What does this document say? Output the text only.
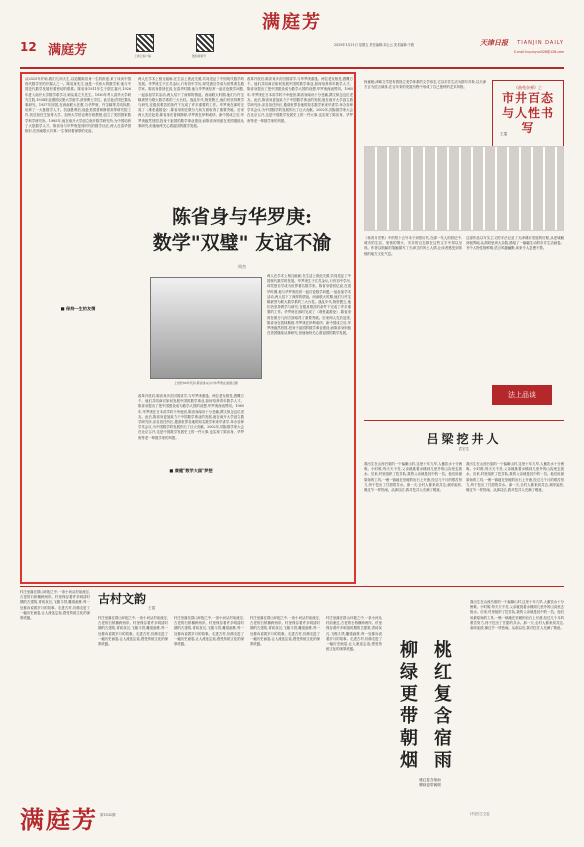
满庭芳
12 满庭芳	上津云客户端	微信视频号
2025年3月21日 星期五 责任编辑:刘云云 美术编辑:于砚	天津日报 TIANJIN DAILY
E-mail:liuyunyun028@126.com
从2025年开始,我们几何大生,以追随陈省身一生的踪迹,来了谈谈中国现代数学史的开端人之一。陈省身先生,他是一代伟大的数学家,他与中国近代数学发展有着密切的联系。陈省身1911年生于浙江嘉兴,1926年进入南开大学数学系学习,师从姜立夫先生。1930年考入清华大学研究生院,1934年赴德国汉堡大学留学,获得博士学位。此后赴法国巴黎从事研究。1937年回国,在西南联大任教,与华罗庚、许宝騄等共同执教,培养了一大批数学人才。抗战胜利后,他赴美国普林斯顿高等研究院工作,其后担任芝加哥大学、加州大学伯克利分校教授,创立了美国国家数学科学研究所。1985年,他在南开大学创立南开数学研究所,为中国培养了大批数学人才。陈省身与华罗庚是同时代的数学巨匠,两人在清华园相识,在西南联大共事,一生保持着深厚的友谊。
两人在学术上相互砥砺,在生活上彼此关照,共同见证了中国现代数学的发展。华罗庚生于江苏金坛,只有初中学历,却凭借自学成为世界著名数学家。陈省身曾回忆说,在清华时期,他与华罗庚经常一起讨论数学问题,一起参加学术活动,两人结下了深厚的情谊。西南联大时期,他们与许宝騄被誉为联大数学系的三大台柱。战乱年代,物资匮乏,他们仍坚持教学与研究,在极其艰苦的条件下完成了许多重要的工作。华罗庚在那时完成了《堆垒素数论》,陈省身则在微分几何方面取得了重要突破。后来两人先后赴美,陈省身在普林斯顿,华罗庚在伊利诺伊。新中国成立后,华罗庚毅然回国,投身于祖国的数学事业建设,而陈省身则留在美国继续从事研究,但他始终关心着祖国的数学发展。
改革开放后,陈省身多次回国讲学,与华罗庚重逢。两位老友相见,感慨万千。他们共同商讨如何发展中国的数学事业,如何培养青年数学人才。陈省身提出了把中国建设成为数学大国的设想,华罗庚深表赞同。1985年,华罗庚在日本讲学时不幸逝世,陈省身闻讯十分悲痛,撰文悼念这位老友。此后,陈省身更加致力于中国数学事业的发展,他在南开大学创立数学研究所,亲自担任所长,邀请世界各地的知名数学家来华讲学,举办各种学术会议,为中国数学的发展作出了巨大贡献。2002年,国际数学家大会在北京召开,这是中国数学发展史上的一件大事,也实现了陈省身、华罗庚等老一辈数学家的夙愿。
陈省身与华罗庚:
数学"双璧" 友谊不渝
周杰
上世纪80年代初,陈省身(右)与华罗庚在美国合影
两人在学术上相互砥砺,在生活上彼此关照,共同见证了中国现代数学的发展。华罗庚生于江苏金坛,只有初中学历,却凭借自学成为世界著名数学家。陈省身曾回忆说,在清华时期,他与华罗庚经常一起讨论数学问题,一起参加学术活动,两人结下了深厚的情谊。西南联大时期,他们与许宝騄被誉为联大数学系的三大台柱。战乱年代,物资匮乏,他们仍坚持教学与研究,在极其艰苦的条件下完成了许多重要的工作。华罗庚在那时完成了《堆垒素数论》,陈省身则在微分几何方面取得了重要突破。后来两人先后赴美,陈省身在普林斯顿,华罗庚在伊利诺伊。新中国成立后,华罗庚毅然回国,投身于祖国的数学事业建设,而陈省身则留在美国继续从事研究,但他始终关心着祖国的数学发展。
改革开放后,陈省身多次回国讲学,与华罗庚重逢。两位老友相见,感慨万千。他们共同商讨如何发展中国的数学事业,如何培养青年数学人才。陈省身提出了把中国建设成为数学大国的设想,华罗庚深表赞同。1985年,华罗庚在日本讲学时不幸逝世,陈省身闻讯十分悲痛,撰文悼念这位老友。此后,陈省身更加致力于中国数学事业的发展,他在南开大学创立数学研究所,亲自担任所长,邀请世界各地的知名数学家来华讲学,举办各种学术会议,为中国数学的发展作出了巨大贡献。2002年,国际数学家大会在北京召开,这是中国数学发展史上的一件大事,也实现了陈省身、华罗庚等老一辈数学家的夙愿。
■ 保持一生的友情
■ 康健"数学大国"梦想
杨童棱:津味文学是有着独立美学体系的文学形态,它以市井生活为描写对象,以天津方言为语言载体,在百年来的发展历程中形成了自己独特的艺术风格。	《曲苑杂弹》之
市井百态与人性书写
王蓬
《杨青月史集》中的短十五号本子到曾历代,在那一代人的回忆中,城市的生活、里巷的烟火、市井的百态都在这些文字中得以呈现。作者以细腻的笔触描写了天津卫的风土人情,让读者感受到浓郁的地方文化气息。
这部作品以写实主义的手法记录了天津城市发展的历程,从老城厢到租界地,从胡同里到大杂院,描绘了一幅幅生动的市井生活画卷。书中人物性格鲜明,语言风趣幽默,读来令人忍俊不禁。
法上品谈
吕梁挖井人
武宏生
我出生在山西吕梁的一个偏僻山村,这里十年九旱,人畜饮水十分困难。小时候,每天天不亮,父亲就挑着水桶到几里外的山沟里去挑水。后来,村里组织了挖井队,我的父亲就是其中的一员。他们用最原始的工具,一锹一镐地在坚硬的岩石上开凿,经过几个月的艰苦努力,终于挖出了甘甜的井水。那一天,全村人都来到井边,欢呼雀跃,像过节一样热闹。从那以后,我对挖井人充满了敬意。
我出生在山西吕梁的一个偏僻山村,这里十年九旱,人畜饮水十分困难。小时候,每天天不亮,父亲就挑着水桶到几里外的山沟里去挑水。后来,村里组织了挖井队,我的父亲就是其中的一员。他们用最原始的工具,一锹一镐地在坚硬的岩石上开凿,经过几个月的艰苦努力,终于挖出了甘甜的井水。那一天,全村人都来到井边,欢呼雀跃,像过节一样热闹。从那以后,我对挖井人充满了敬意。
村庄坐落在群山环抱之中,一条小河从村前流过,古老的石桥横跨两岸。村里保存着许多明清时期的古建筑,青砖灰瓦,飞檐斗拱,雕梁画栋,每一处都诉说着岁月的故事。走进古村,仿佛走进了一幅历史画卷,让人流连忘返,感受传统文化的深厚底蕴。
古村文韵
王霞
村庄坐落在群山环抱之中,一条小河从村前流过,古老的石桥横跨两岸。村里保存着许多明清时期的古建筑,青砖灰瓦,飞檐斗拱,雕梁画栋,每一处都诉说着岁月的故事。走进古村,仿佛走进了一幅历史画卷,让人流连忘返,感受传统文化的深厚底蕴。
村庄坐落在群山环抱之中,一条小河从村前流过,古老的石桥横跨两岸。村里保存着许多明清时期的古建筑,青砖灰瓦,飞檐斗拱,雕梁画栋,每一处都诉说着岁月的故事。走进古村,仿佛走进了一幅历史画卷,让人流连忘返,感受传统文化的深厚底蕴。
村庄坐落在群山环抱之中,一条小河从村前流过,古老的石桥横跨两岸。村里保存着许多明清时期的古建筑,青砖灰瓦,飞檐斗拱,雕梁画栋,每一处都诉说着岁月的故事。走进古村,仿佛走进了一幅历史画卷,让人流连忘返,感受传统文化的深厚底蕴。
村庄坐落在群山环抱之中,一条小河从村前流过,古老的石桥横跨两岸。村里保存着许多明清时期的古建筑,青砖灰瓦,飞檐斗拱,雕梁画栋,每一处都诉说着岁月的故事。走进古村,仿佛走进了一幅历史画卷,让人流连忘返,感受传统文化的深厚底蕴。	桃红复含宿雨
柳绿更带朝烟
桃红复含宿雨
柳绿更带朝烟
(书法)王文忠
我出生在山西吕梁的一个偏僻山村,这里十年九旱,人畜饮水十分困难。小时候,每天天不亮,父亲就挑着水桶到几里外的山沟里去挑水。后来,村里组织了挖井队,我的父亲就是其中的一员。他们用最原始的工具,一锹一镐地在坚硬的岩石上开凿,经过几个月的艰苦努力,终于挖出了甘甜的井水。那一天,全村人都来到井边,欢呼雀跃,像过节一样热闹。从那以后,我对挖井人充满了敬意。
满庭芳 第3332期
